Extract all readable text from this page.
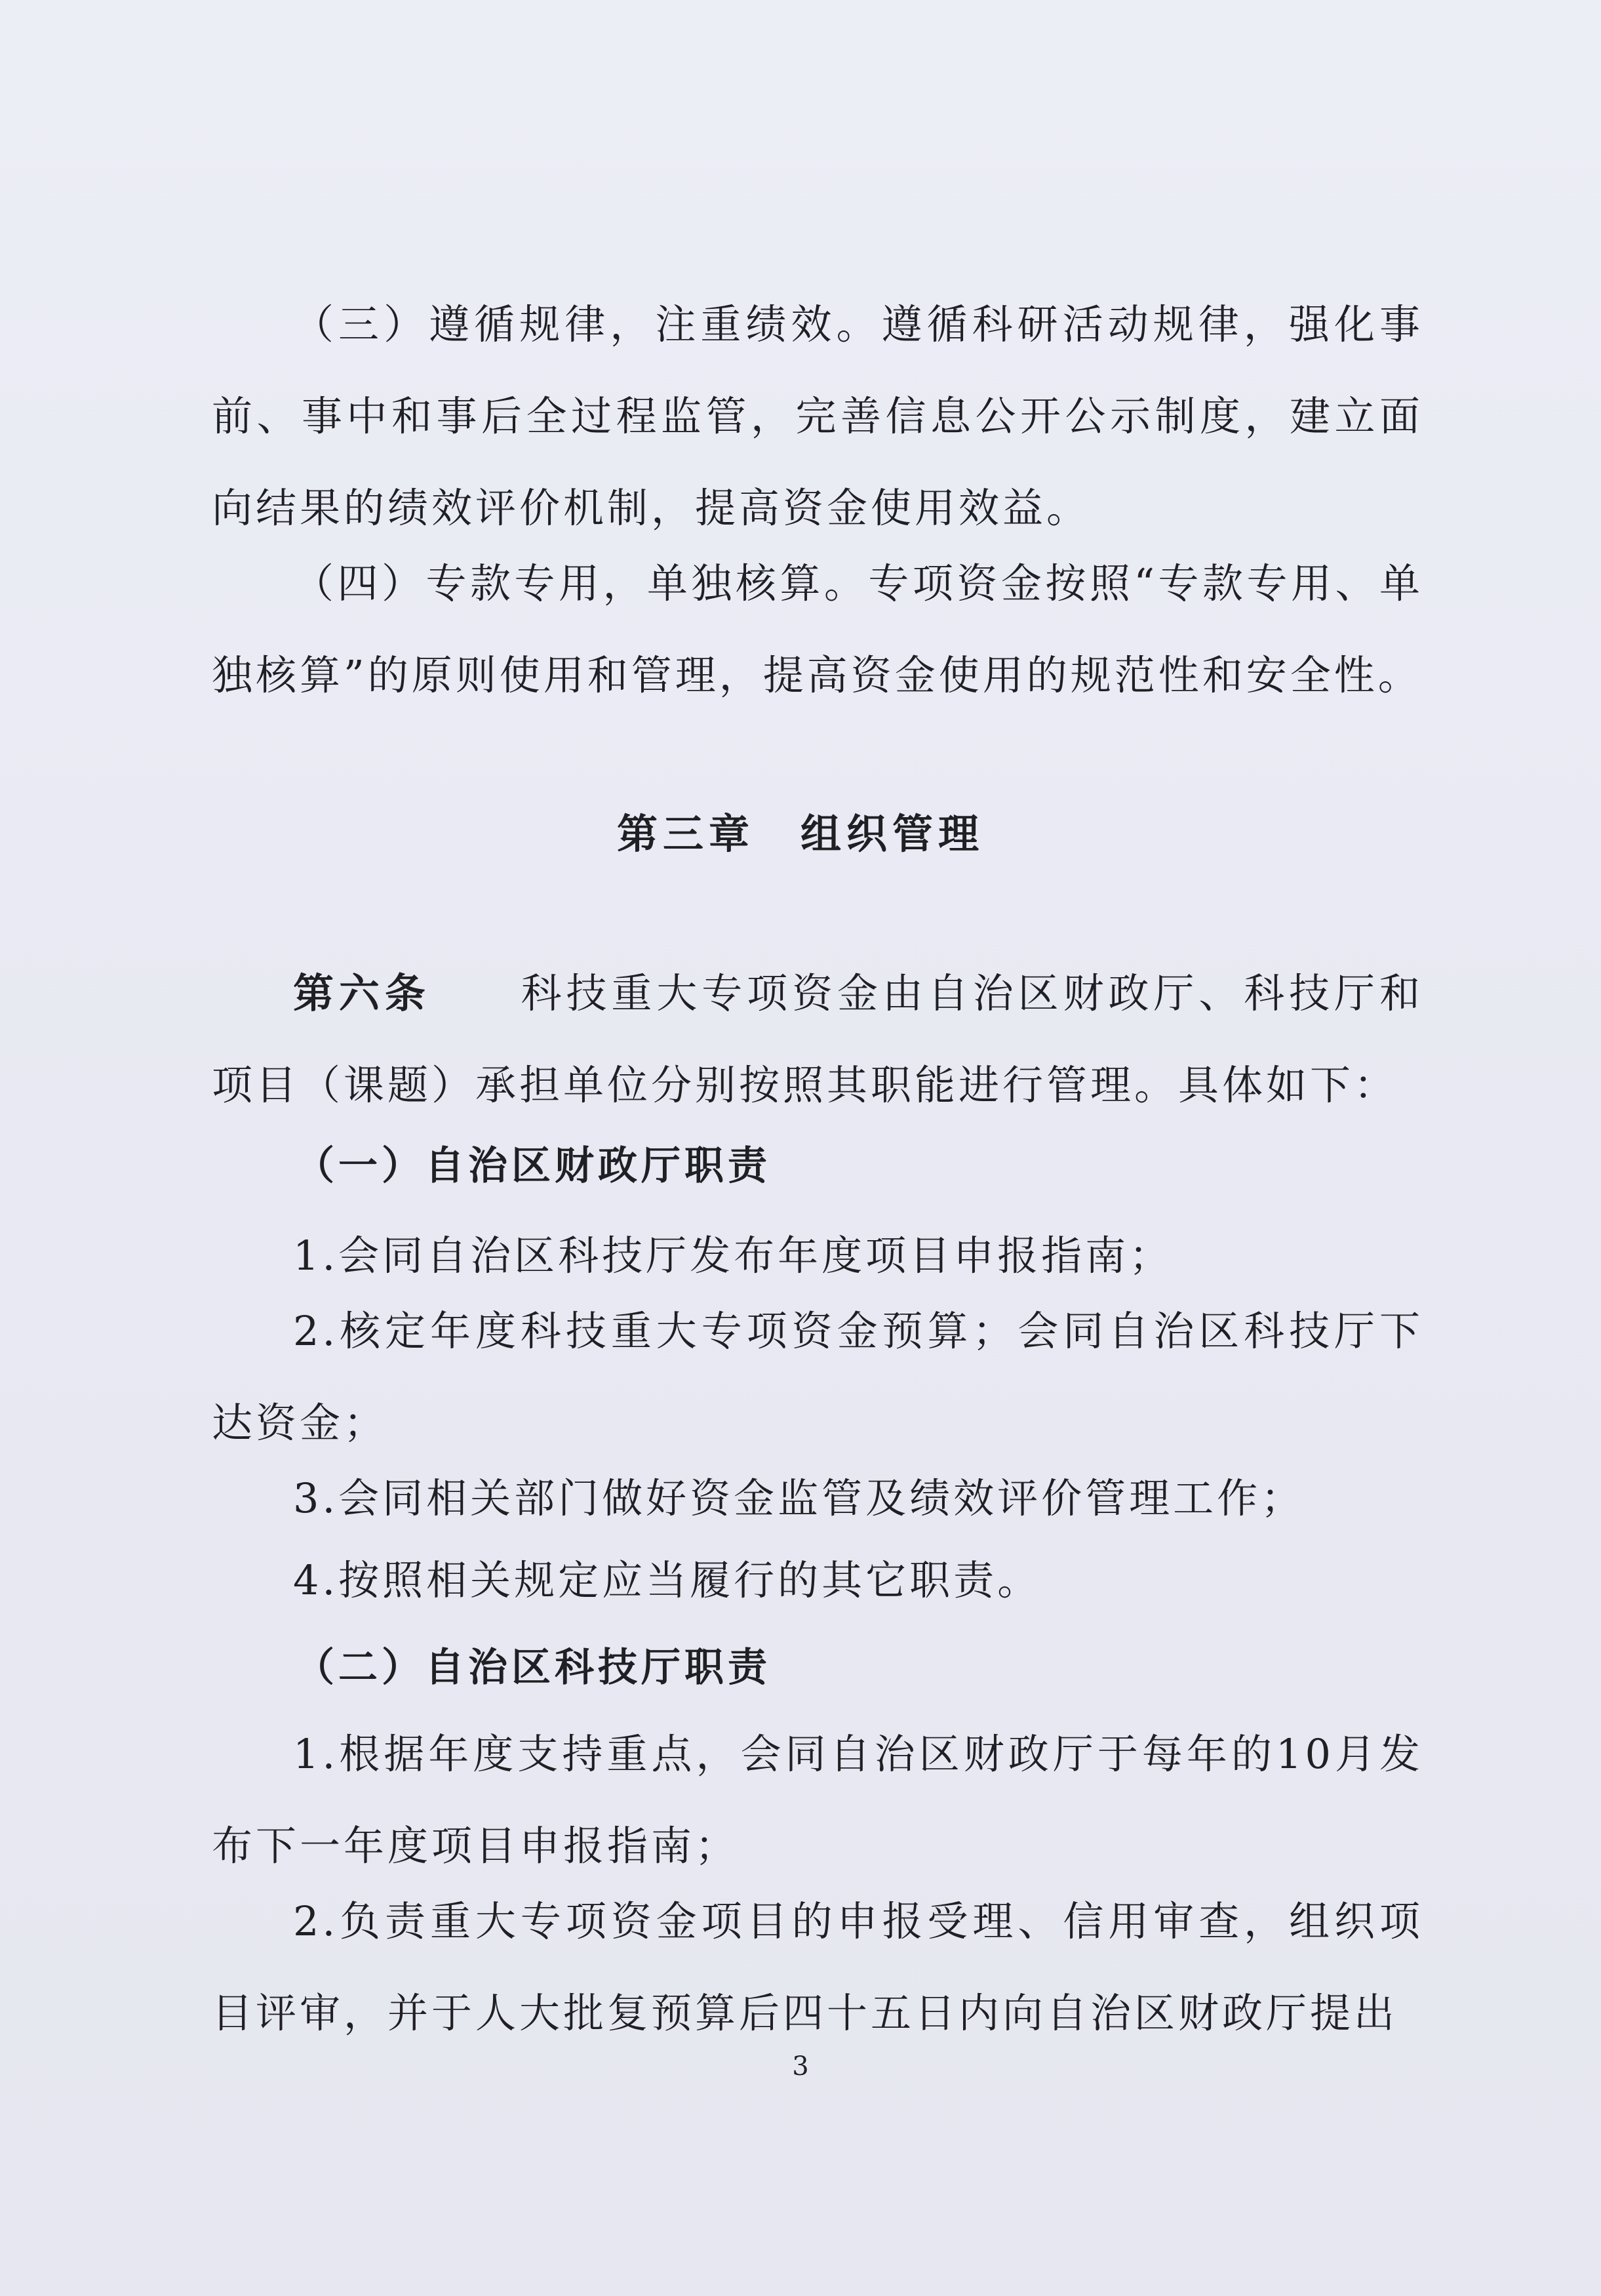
（三）遵循规律，注重绩效。遵循科研活动规律，强化事前、事中和事后全过程监管，完善信息公开公示制度，建立面向结果的绩效评价机制，提高资金使用效益。

（四）专款专用，单独核算。专项资金按照“专款专用、单独核算”的原则使用和管理，提高资金使用的规范性和安全性。

第三章　组织管理

第六条　　 科技重大专项资金由自治区财政厅、科技厅和项目（课题）承担单位分别按照其职能进行管理。具体如下：

（一）自治区财政厅职责

1.会同自治区科技厅发布年度项目申报指南；

2.核定年度科技重大专项资金预算；会同自治区科技厅下达资金；

3.会同相关部门做好资金监管及绩效评价管理工作；

4.按照相关规定应当履行的其它职责。

（二）自治区科技厅职责

1.根据年度支持重点，会同自治区财政厅于每年的10月发布下一年度项目申报指南；

2.负责重大专项资金项目的申报受理、信用审查，组织项目评审，并于人大批复预算后四十五日内向自治区财政厅提出

3
